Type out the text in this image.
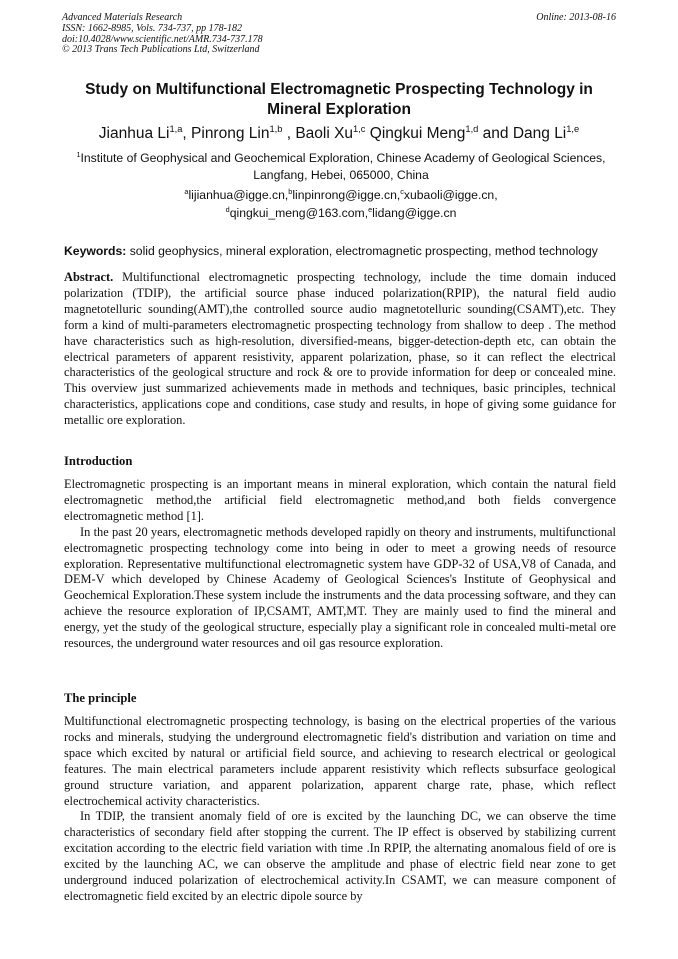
Advanced Materials Research
ISSN: 1662-8985, Vols. 734-737, pp 178-182
doi:10.4028/www.scientific.net/AMR.734-737.178
© 2013 Trans Tech Publications Ltd, Switzerland
Online: 2013-08-16
Study on Multifunctional Electromagnetic Prospecting Technology in
Mineral Exploration
Jianhua Li$^{1,a}$, Pinrong Lin$^{1,b}$ , Baoli Xu$^{1,c}$ Qingkui Meng$^{1,d}$ and Dang Li$^{1,e}$
$^1$Institute of Geophysical and Geochemical Exploration, Chinese Academy of Geological Sciences,
Langfang, Hebei, 065000, China
$^a$lijianhua@igge.cn,$^b$linpinrong@igge.cn,$^c$xubaoli@igge.cn,
$^d$qingkui_meng@163.com,$^e$lidang@igge.cn
Keywords: solid geophysics, mineral exploration, electromagnetic prospecting, method technology

Abstract. Multifunctional electromagnetic prospecting technology, include the time domain induced polarization (TDIP), the artificial source phase induced polarization(RPIP), the natural field audio magnetotelluric sounding(AMT),the controlled source audio magnetotelluric sounding(CSAMT),etc. They form a kind of multi-parameters electromagnetic prospecting technology from shallow to deep . The method have characteristics such as high-resolution, diversified-means, bigger-detection-depth etc, can obtain the electrical parameters of apparent resistivity, apparent polarization, phase, so it can reflect the electrical characteristics of the geological structure and rock & ore to provide information for deep or concealed mine. This overview just summarized achievements made in methods and techniques, basic principles, technical characteristics, applications cope and conditions, case study and results, in hope of giving some guidance for metallic ore exploration.

Introduction

Electromagnetic prospecting is an important means in mineral exploration, which contain the natural field electromagnetic method,the artificial field electromagnetic method,and both fields convergence electromagnetic method [1].

In the past 20 years, electromagnetic methods developed rapidly on theory and instruments, multifunctional electromagnetic prospecting technology come into being in oder to meet a growing needs of resource exploration. Representative multifunctional electromagnetic system have GDP-32 of USA,V8 of Canada, and DEM-V which developed by Chinese Academy of Geological Sciences's Institute of Geophysical and Geochemical Exploration.These system include the instruments and the data processing software, and they can achieve the resource exploration of IP,CSAMT, AMT,MT. They are mainly used to find the mineral and energy, yet the study of the geological structure, especially play a significant role in concealed multi-metal ore resources, the underground water resources and oil gas resource exploration.

The principle

Multifunctional electromagnetic prospecting technology, is basing on the electrical properties of the various rocks and minerals, studying the underground electromagnetic field's distribution and variation on time and space which excited by natural or artificial field source, and achieving to research electrical or geological features. The main electrical parameters include apparent resistivity which reflects subsurface geological ground structure variation, and apparent polarization, apparent charge rate, phase, which reflect electrochemical activity characteristics.

In TDIP, the transient anomaly field of ore is excited by the launching DC, we can observe the time characteristics of secondary field after stopping the current. The IP effect is observed by stabilizing current excitation according to the electric field variation with time .In RPIP, the alternating anomalous field of ore is excited by the launching AC, we can observe the amplitude and phase of electric field near zone to get underground induced polarization of electrochemical activity.In CSAMT, we can measure component of electromagnetic field excited by an electric dipole source by
